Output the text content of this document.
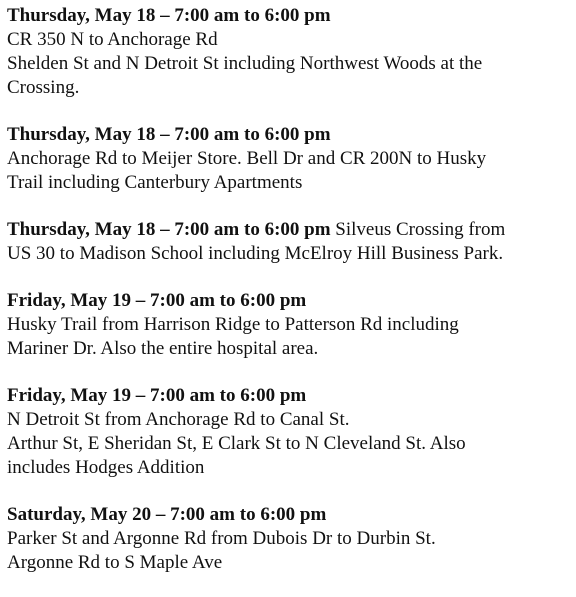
Thursday, May 18 – 7:00 am to 6:00 pm
CR 350 N to Anchorage Rd
Shelden St and N Detroit St including Northwest Woods at the
Crossing.
Thursday, May 18 – 7:00 am to 6:00 pm
Anchorage Rd to Meijer Store. Bell Dr and CR 200N to Husky
Trail including Canterbury Apartments
Thursday, May 18 – 7:00 am to 6:00 pm Silveus Crossing from
US 30 to Madison School including McElroy Hill Business Park.
Friday, May 19 – 7:00 am to 6:00 pm
Husky Trail from Harrison Ridge to Patterson Rd including
Mariner Dr. Also the entire hospital area.
Friday, May 19 – 7:00 am to 6:00 pm
N Detroit St from Anchorage Rd to Canal St.
Arthur St, E Sheridan St, E Clark St to N Cleveland St. Also
includes Hodges Addition
Saturday, May 20 – 7:00 am to 6:00 pm
Parker St and Argonne Rd from Dubois Dr to Durbin St.
Argonne Rd to S Maple Ave
